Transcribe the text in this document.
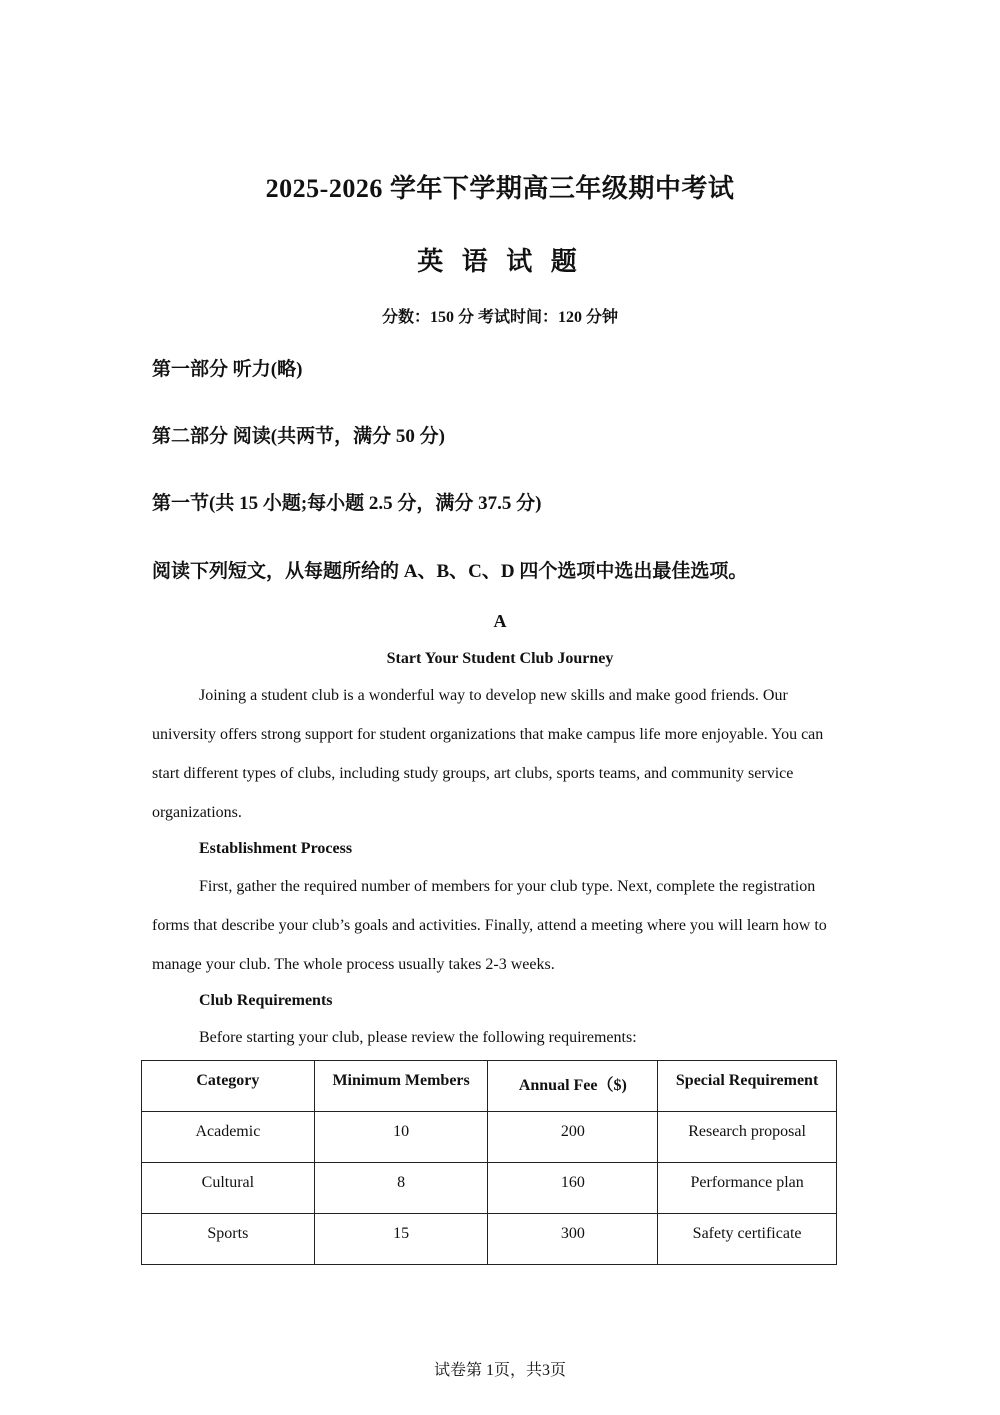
2025-2026 学年下学期高三年级期中考试
英 语 试 题
分数：150 分 考试时间：120 分钟
第一部分 听力(略)
第二部分 阅读(共两节，满分 50 分)
第一节(共 15 小题;每小题 2.5 分，满分 37.5 分)
阅读下列短文，从每题所给的 A、B、C、D 四个选项中选出最佳选项。
A
Start Your Student Club Journey

Joining a student club is a wonderful way to develop new skills and make good friends. Our university offers strong support for student organizations that make campus life more enjoyable. You can start different types of clubs, including study groups, art clubs, sports teams, and community service organizations.

Establishment Process

First, gather the required number of members for your club type. Next, complete the registration forms that describe your club’s goals and activities. Finally, attend a meeting where you will learn how to manage your club. The whole process usually takes 2-3 weeks.

Club Requirements

Before starting your club, please review the following requirements:

Category	Minimum Members	Annual Fee（$)	Special Requirement
Academic	10	200	Research proposal
Cultural	8	160	Performance plan
Sports	15	300	Safety certificate
试卷第 1页，共3页
